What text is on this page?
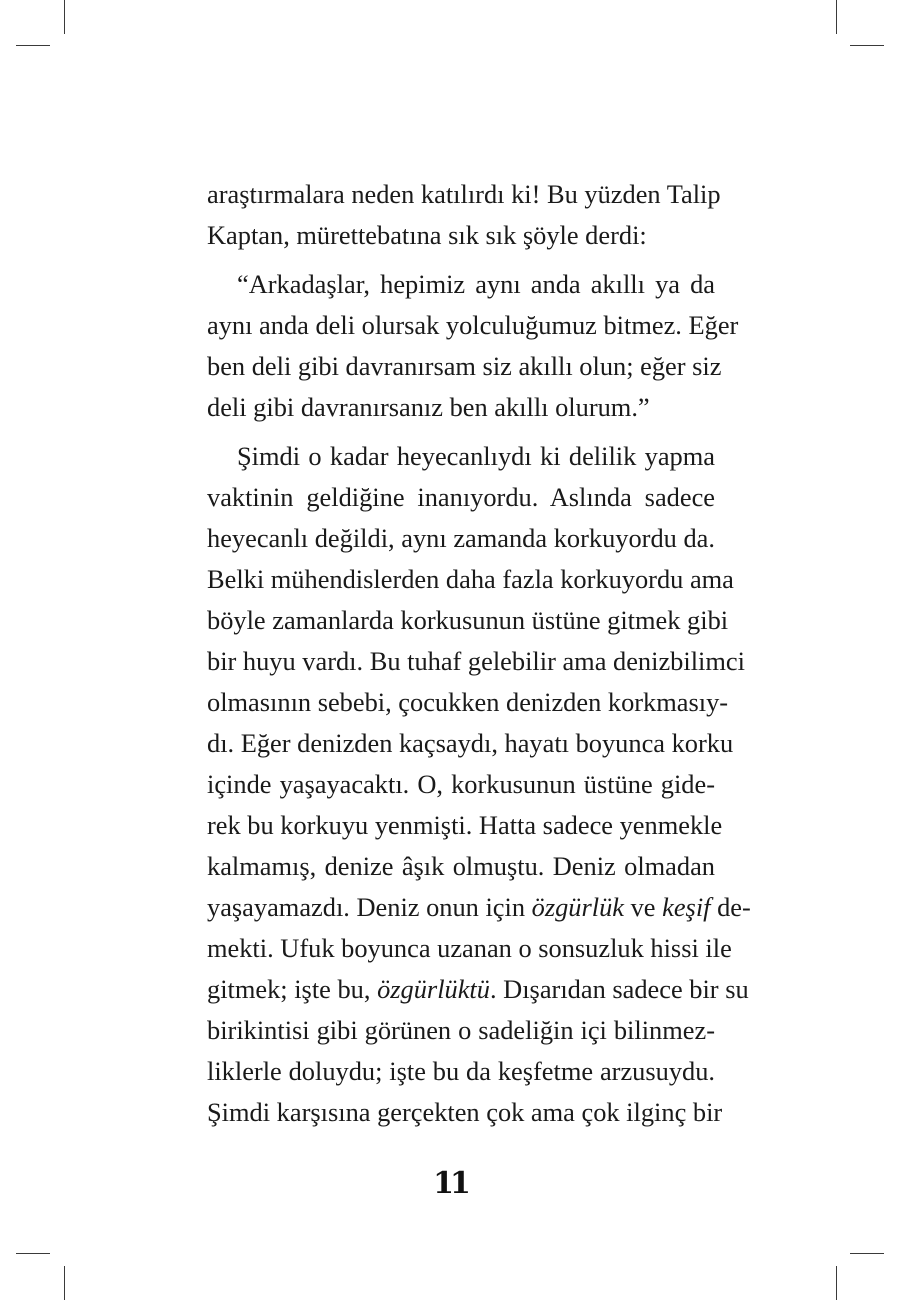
araştırmalara neden katılırdı ki! Bu yüzden Talip
Kaptan, mürettebatına sık sık şöyle derdi:
“Arkadaşlar, hepimiz aynı anda akıllı ya da
aynı anda deli olursak yolculuğumuz bitmez. Eğer
ben deli gibi davranırsam siz akıllı olun; eğer siz
deli gibi davranırsanız ben akıllı olurum.”
Şimdi o kadar heyecanlıydı ki delilik yapma
vaktinin geldiğine inanıyordu. Aslında sadece
heyecanlı değildi, aynı zamanda korkuyordu da.
Belki mühendislerden daha fazla korkuyordu ama
böyle zamanlarda korkusunun üstüne gitmek gibi
bir huyu vardı. Bu tuhaf gelebilir ama denizbilimci
olmasının sebebi, çocukken denizden korkmasıy-
dı. Eğer denizden kaçsaydı, hayatı boyunca korku
içinde yaşayacaktı. O, korkusunun üstüne gide-
rek bu korkuyu yenmişti. Hatta sadece yenmekle
kalmamış, denize âşık olmuştu. Deniz olmadan
yaşayamazdı. Deniz onun için özgürlük ve keşif de-
mekti. Ufuk boyunca uzanan o sonsuzluk hissi ile
gitmek; işte bu, özgürlüktü. Dışarıdan sadece bir su
birikintisi gibi görünen o sadeliğin içi bilinmez-
liklerle doluydu; işte bu da keşfetme arzusuydu.
Şimdi karşısına gerçekten çok ama çok ilginç bir
11
